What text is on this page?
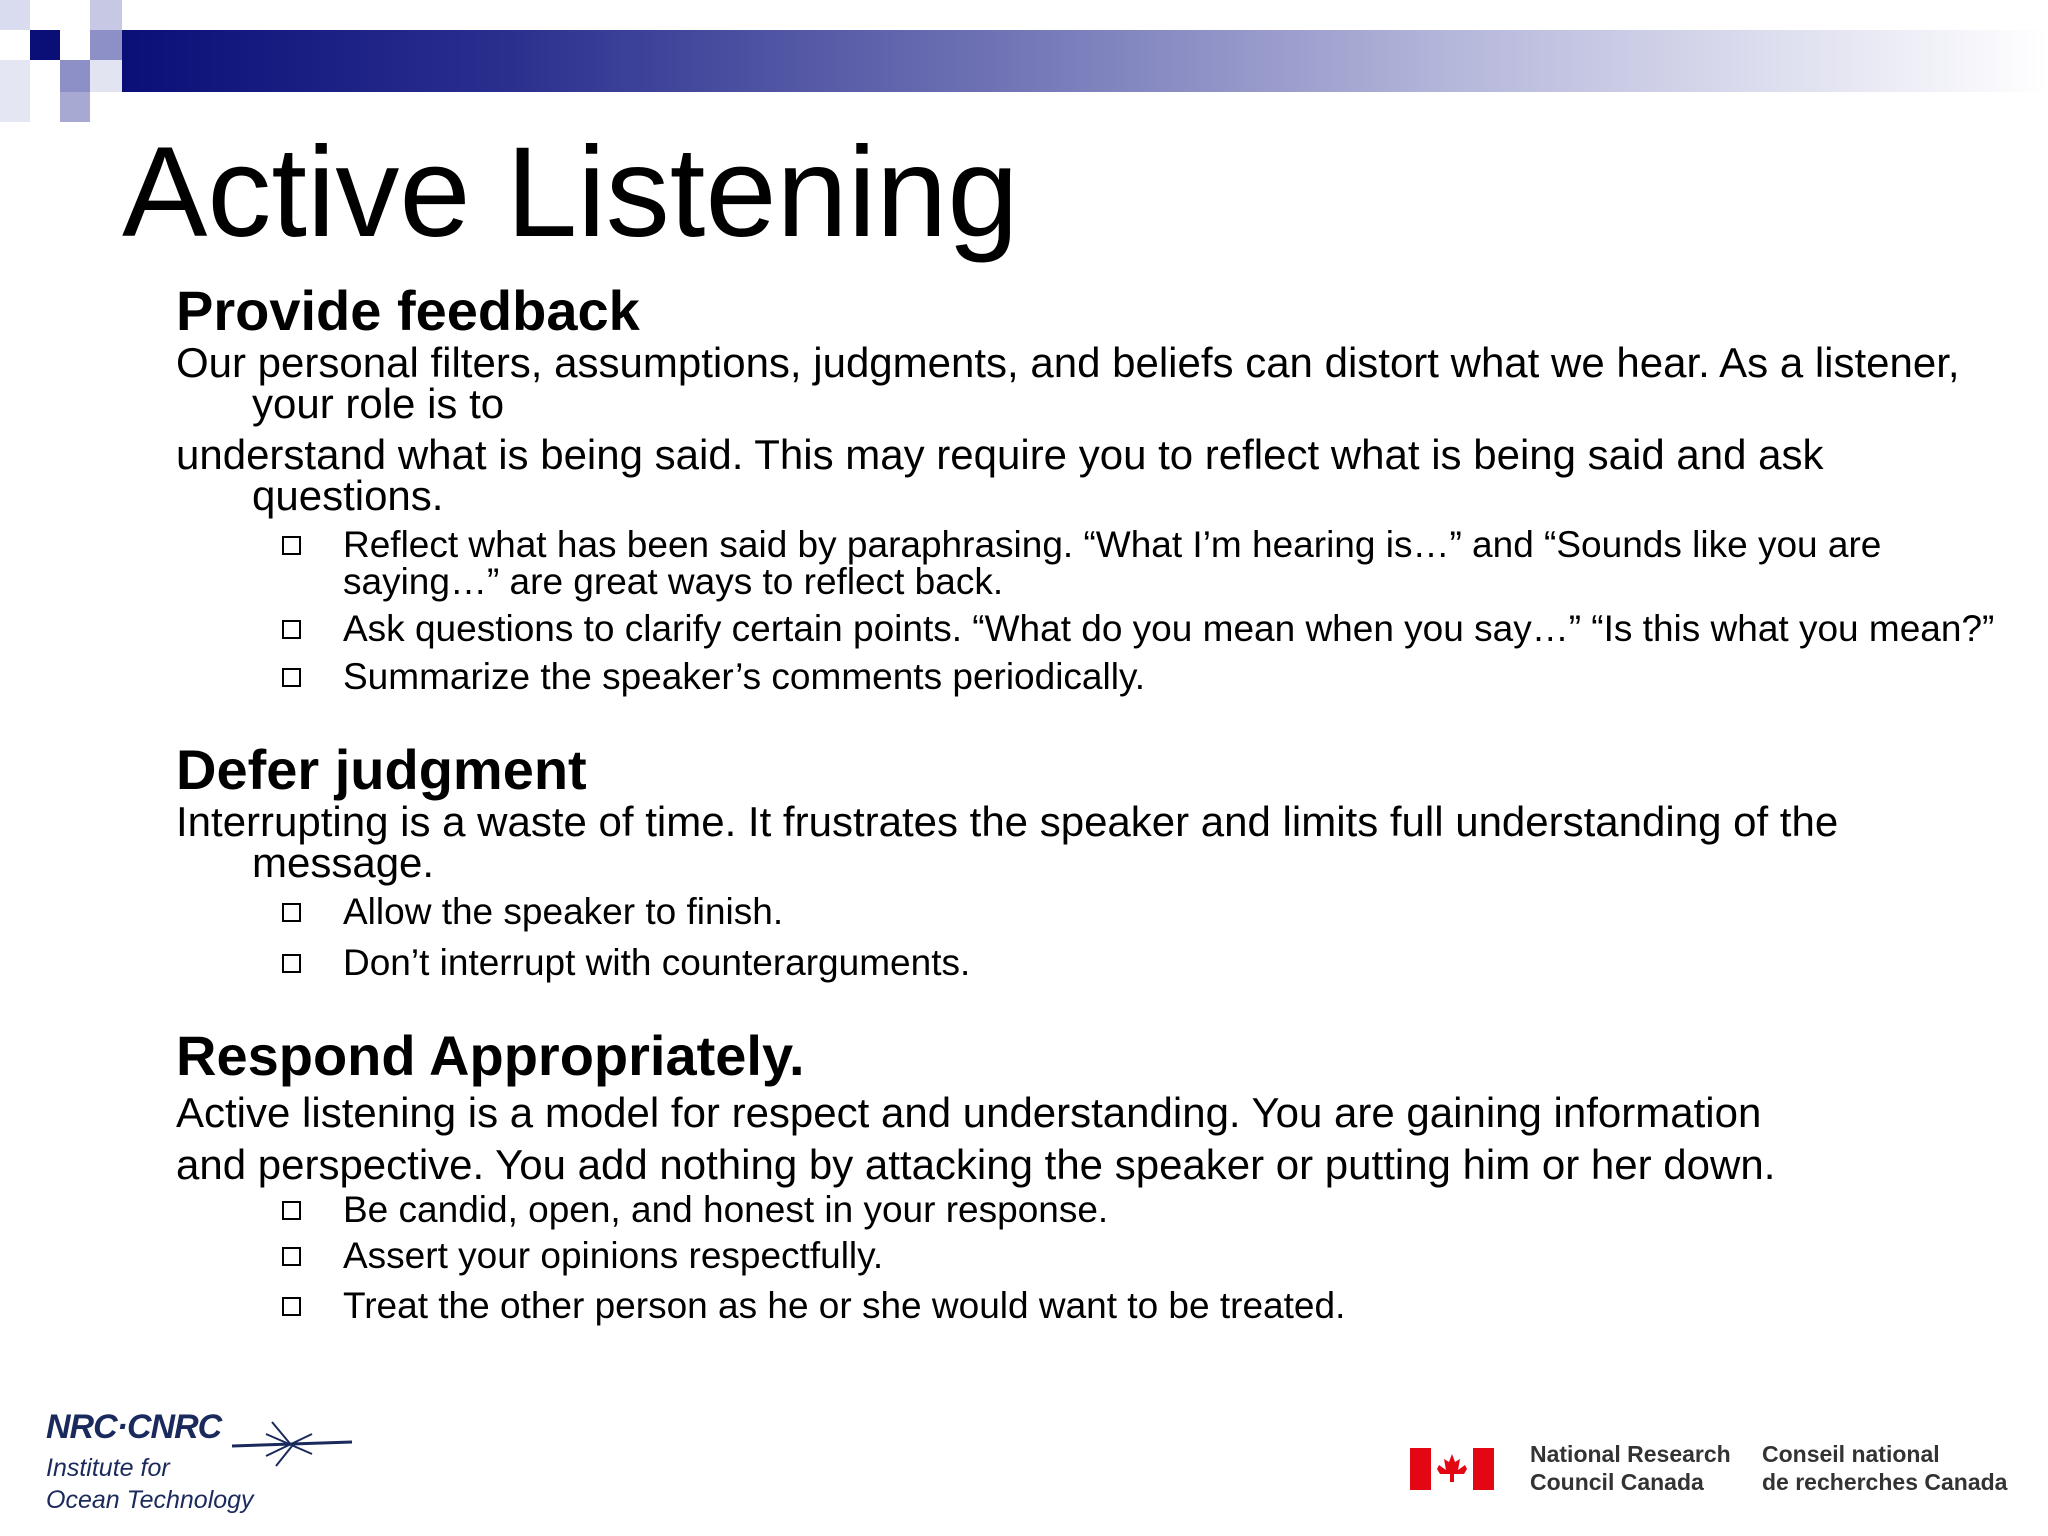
Active Listening

Provide feedback

Our personal filters, assumptions, judgments, and beliefs can distort what we hear. As a listener, your role is to

understand what is being said. This may require you to reflect what is being said and ask questions.

Reflect what has been said by paraphrasing. “What I’m hearing is…” and “Sounds like you are saying…” are great ways to reflect back.
Ask questions to clarify certain points. “What do you mean when you say…” “Is this what you mean?”
Summarize the speaker’s comments periodically.

Defer judgment

Interrupting is a waste of time. It frustrates the speaker and limits full understanding of the message.

Allow the speaker to finish.
Don’t interrupt with counterarguments.

Respond Appropriately.

Active listening is a model for respect and understanding. You are gaining information

and perspective. You add nothing by attacking the speaker or putting him or her down.

Be candid, open, and honest in your response.
Assert your opinions respectfully.
Treat the other person as he or she would want to be treated.
NRC·CNRC
Institute for
Ocean Technology
National Research
Council Canada
Conseil national
de recherches Canada
